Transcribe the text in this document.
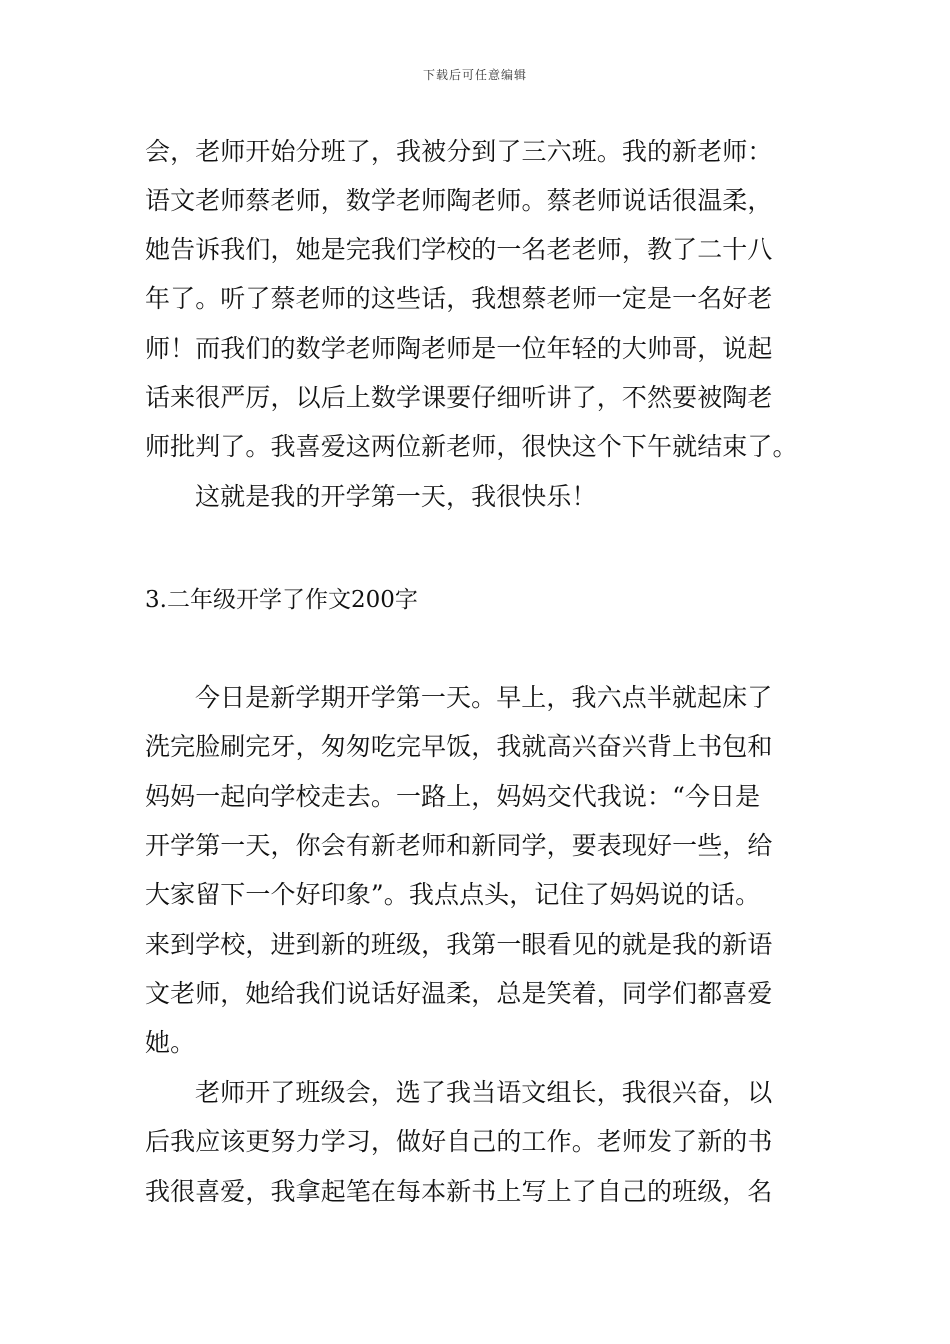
下载后可任意编辑
会，老师开始分班了，我被分到了三六班。我的新老师：
语文老师蔡老师，数学老师陶老师。蔡老师说话很温柔，
她告诉我们，她是完我们学校的一名老老师，教了二十八
年了。听了蔡老师的这些话，我想蔡老师一定是一名好老
师！而我们的数学老师陶老师是一位年轻的大帅哥，说起
话来很严厉，以后上数学课要仔细听讲了，不然要被陶老
师批判了。我喜爱这两位新老师，很快这个下午就结束了。
这就是我的开学第一天，我很快乐！
3.二年级开学了作文200字
今日是新学期开学第一天。早上，我六点半就起床了
洗完脸刷完牙，匆匆吃完早饭，我就高兴奋兴背上书包和
妈妈一起向学校走去。一路上，妈妈交代我说：“今日是
开学第一天，你会有新老师和新同学，要表现好一些，给
大家留下一个好印象”。我点点头，记住了妈妈说的话。
来到学校，进到新的班级，我第一眼看见的就是我的新语
文老师，她给我们说话好温柔，总是笑着，同学们都喜爱
她。
老师开了班级会，选了我当语文组长，我很兴奋，以
后我应该更努力学习，做好自己的工作。老师发了新的书
我很喜爱，我拿起笔在每本新书上写上了自己的班级，名
